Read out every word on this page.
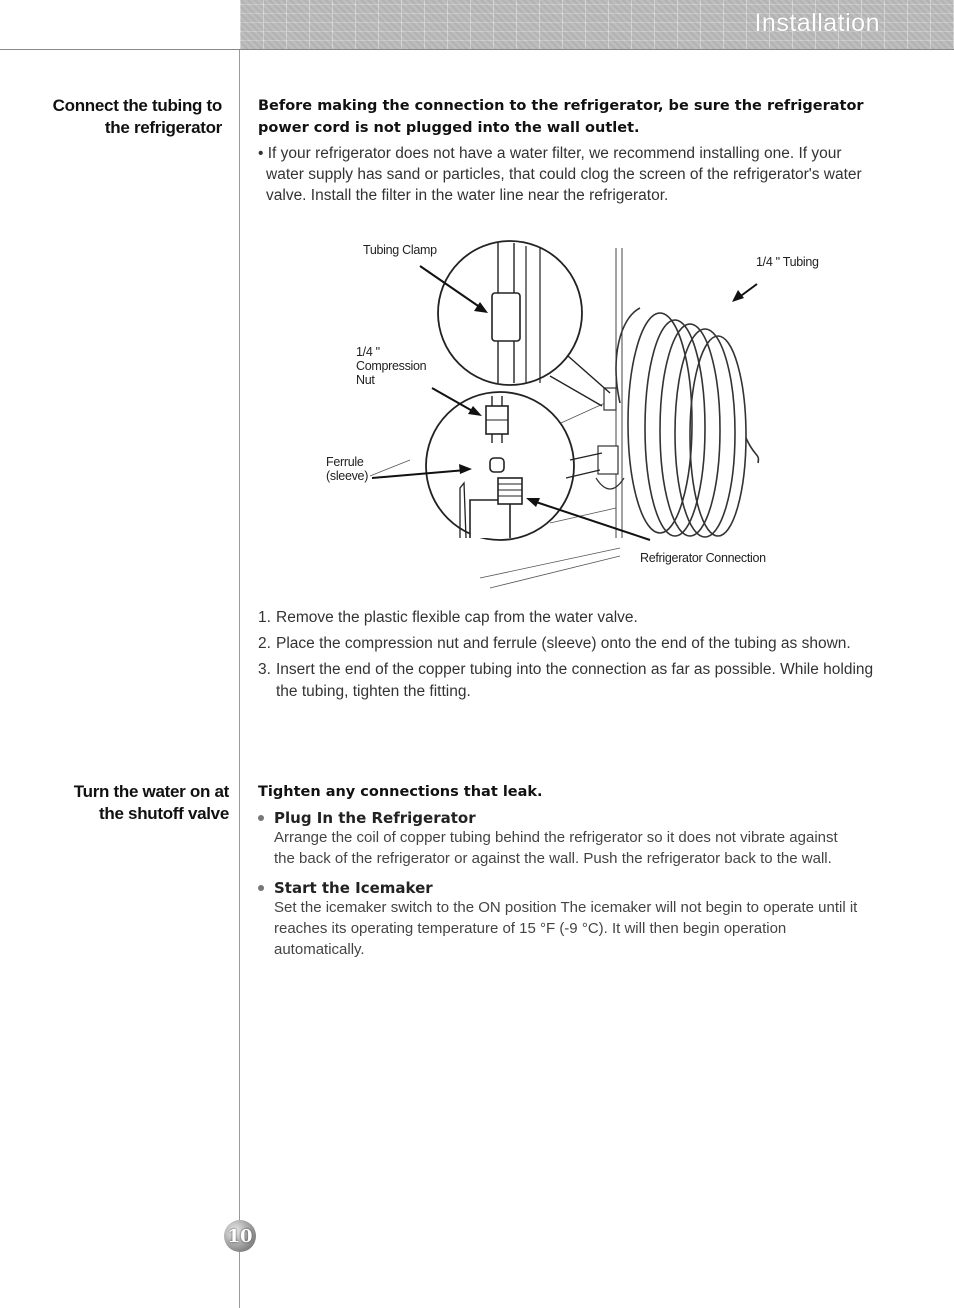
Installation
Connect the tubing to
the refrigerator
Before making the connection to the refrigerator, be sure the refrigerator power cord is not plugged into the wall outlet.
• If your refrigerator does not have a water filter, we recommend installing one. If your water supply has sand or particles, that could clog the screen of the refrigerator's water valve. Install the filter in the water line near the refrigerator.
Tubing Clamp
1/4 " Tubing
1/4 "
Compression
Nut
Ferrule
(sleeve)
Refrigerator Connection
1. Remove the plastic flexible cap from the water valve.
2. Place the compression nut and ferrule (sleeve) onto the end of the tubing as shown.
3. Insert the end of the copper tubing into the connection as far as possible. While holding the tubing, tighten the fitting.
Turn the water on at
the shutoff valve
Tighten any connections that leak.
Plug In the Refrigerator
Arrange the coil of copper tubing behind the refrigerator so it does not vibrate against the back of the refrigerator or against the wall. Push the refrigerator back to the wall.
Start the Icemaker
Set the icemaker switch to the ON position The icemaker will not begin to operate until it reaches its operating temperature of 15 °F (-9 °C). It will then begin operation automatically.
10
